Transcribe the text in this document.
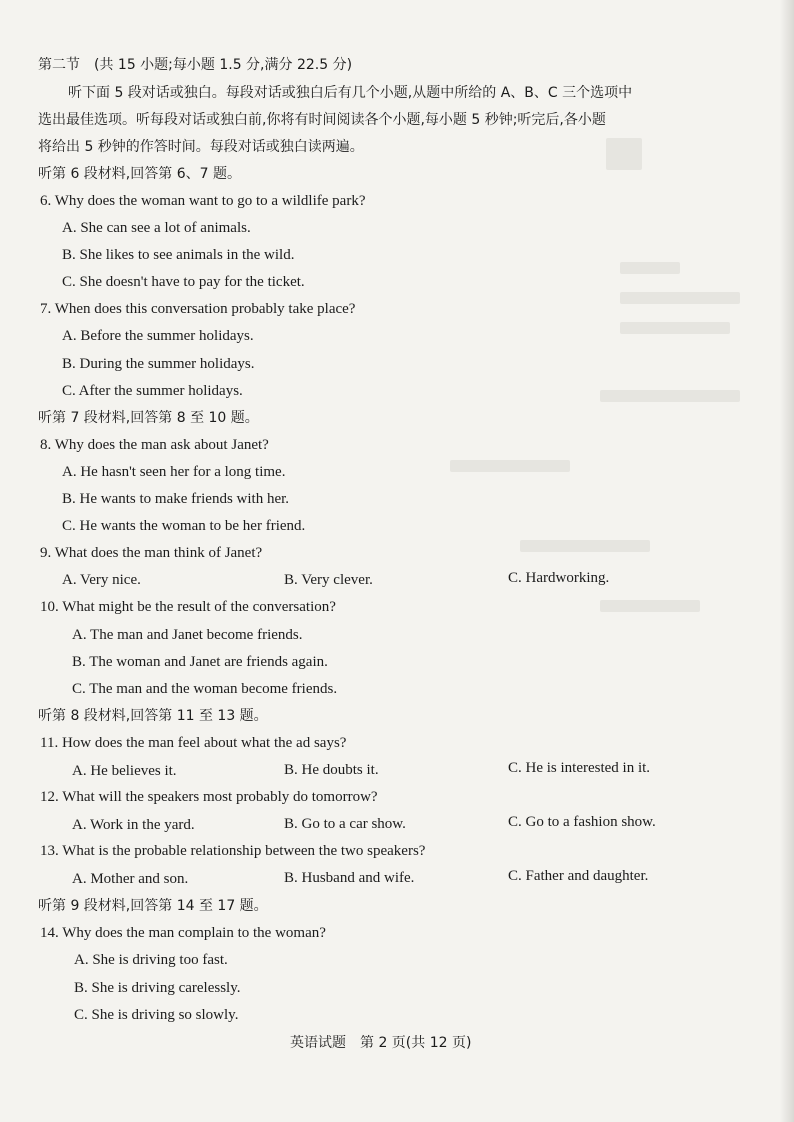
第二节　(共 15 小题;每小题 1.5 分,满分 22.5 分)
听下面 5 段对话或独白。每段对话或独白后有几个小题,从题中所给的 A、B、C 三个选项中
选出最佳选项。听每段对话或独白前,你将有时间阅读各个小题,每小题 5 秒钟;听完后,各小题
将给出 5 秒钟的作答时间。每段对话或独白读两遍。
听第 6 段材料,回答第 6、7 题。
6. Why does the woman want to go to a wildlife park?
A. She can see a lot of animals.
B. She likes to see animals in the wild.
C. She doesn't have to pay for the ticket.
7. When does this conversation probably take place?
A. Before the summer holidays.
B. During the summer holidays.
C. After the summer holidays.
听第 7 段材料,回答第 8 至 10 题。
8. Why does the man ask about Janet?
A. He hasn't seen her for a long time.
B. He wants to make friends with her.
C. He wants the woman to be her friend.
9. What does the man think of Janet?
A. Very nice.	B. Very clever.	C. Hardworking.
10. What might be the result of the conversation?
A. The man and Janet become friends.
B. The woman and Janet are friends again.
C. The man and the woman become friends.
听第 8 段材料,回答第 11 至 13 题。
11. How does the man feel about what the ad says?
A. He believes it.	B. He doubts it.	C. He is interested in it.
12. What will the speakers most probably do tomorrow?
A. Work in the yard.	B. Go to a car show.	C. Go to a fashion show.
13. What is the probable relationship between the two speakers?
A. Mother and son.	B. Husband and wife.	C. Father and daughter.
听第 9 段材料,回答第 14 至 17 题。
14. Why does the man complain to the woman?
A. She is driving too fast.
B. She is driving carelessly.
C. She is driving so slowly.
英语试题　第 2 页(共 12 页)
